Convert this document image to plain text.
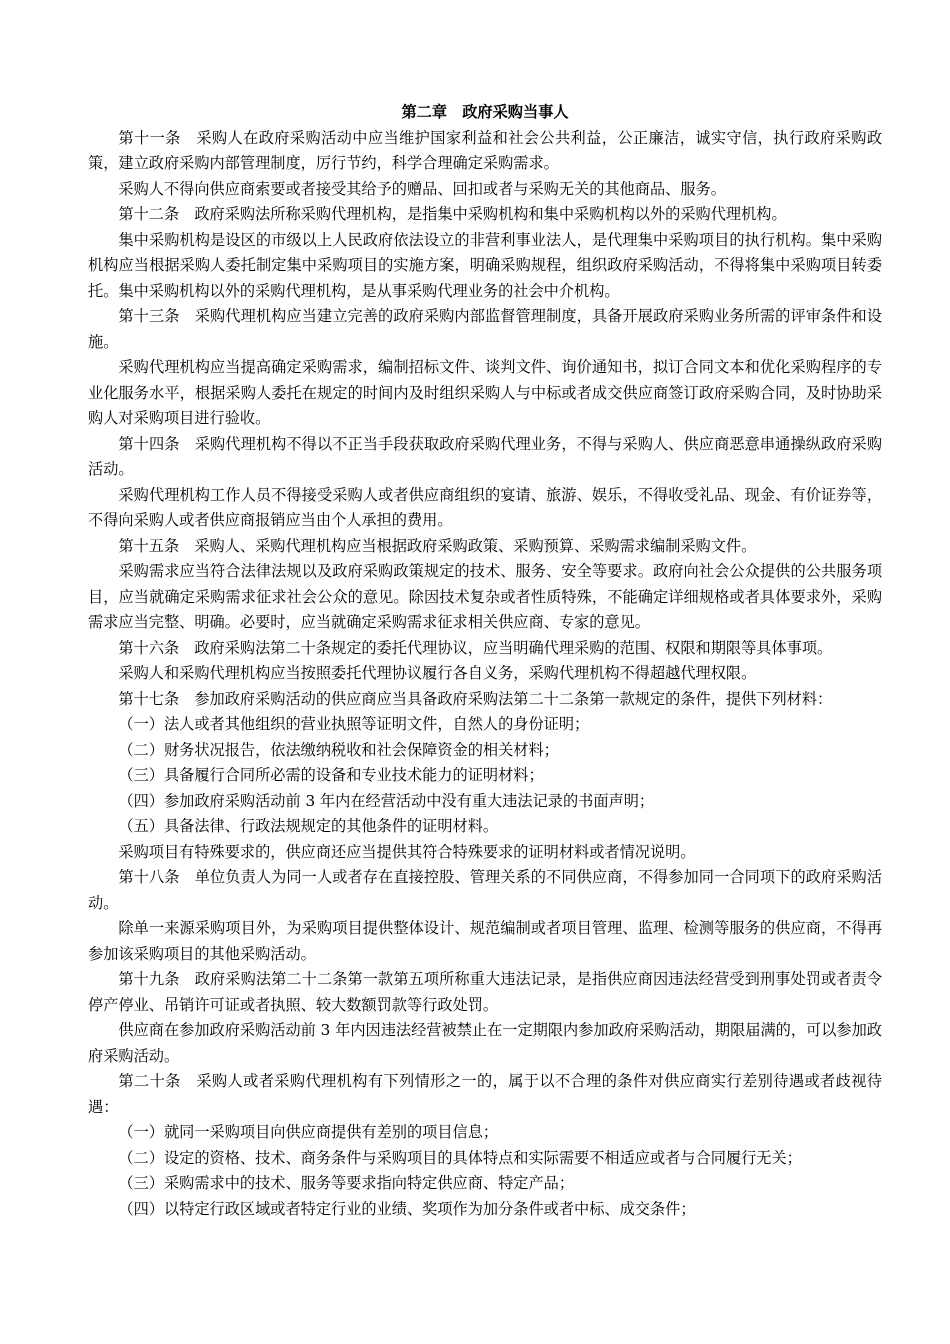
第二章　政府采购当事人

第十一条　采购人在政府采购活动中应当维护国家利益和社会公共利益，公正廉洁，诚实守信，执行政府采购政策，建立政府采购内部管理制度，厉行节约，科学合理确定采购需求。

采购人不得向供应商索要或者接受其给予的赠品、回扣或者与采购无关的其他商品、服务。

第十二条　政府采购法所称采购代理机构，是指集中采购机构和集中采购机构以外的采购代理机构。

集中采购机构是设区的市级以上人民政府依法设立的非营利事业法人，是代理集中采购项目的执行机构。集中采购机构应当根据采购人委托制定集中采购项目的实施方案，明确采购规程，组织政府采购活动，不得将集中采购项目转委托。集中采购机构以外的采购代理机构，是从事采购代理业务的社会中介机构。

第十三条　采购代理机构应当建立完善的政府采购内部监督管理制度，具备开展政府采购业务所需的评审条件和设施。

采购代理机构应当提高确定采购需求，编制招标文件、谈判文件、询价通知书，拟订合同文本和优化采购程序的专业化服务水平，根据采购人委托在规定的时间内及时组织采购人与中标或者成交供应商签订政府采购合同，及时协助采购人对采购项目进行验收。

第十四条　采购代理机构不得以不正当手段获取政府采购代理业务，不得与采购人、供应商恶意串通操纵政府采购活动。

采购代理机构工作人员不得接受采购人或者供应商组织的宴请、旅游、娱乐，不得收受礼品、现金、有价证券等，不得向采购人或者供应商报销应当由个人承担的费用。

第十五条　采购人、采购代理机构应当根据政府采购政策、采购预算、采购需求编制采购文件。

采购需求应当符合法律法规以及政府采购政策规定的技术、服务、安全等要求。政府向社会公众提供的公共服务项目，应当就确定采购需求征求社会公众的意见。除因技术复杂或者性质特殊，不能确定详细规格或者具体要求外，采购需求应当完整、明确。必要时，应当就确定采购需求征求相关供应商、专家的意见。

第十六条　政府采购法第二十条规定的委托代理协议，应当明确代理采购的范围、权限和期限等具体事项。

采购人和采购代理机构应当按照委托代理协议履行各自义务，采购代理机构不得超越代理权限。

第十七条　参加政府采购活动的供应商应当具备政府采购法第二十二条第一款规定的条件，提供下列材料：

（一）法人或者其他组织的营业执照等证明文件，自然人的身份证明；

（二）财务状况报告，依法缴纳税收和社会保障资金的相关材料；

（三）具备履行合同所必需的设备和专业技术能力的证明材料；

（四）参加政府采购活动前 3 年内在经营活动中没有重大违法记录的书面声明；

（五）具备法律、行政法规规定的其他条件的证明材料。

采购项目有特殊要求的，供应商还应当提供其符合特殊要求的证明材料或者情况说明。

第十八条　单位负责人为同一人或者存在直接控股、管理关系的不同供应商，不得参加同一合同项下的政府采购活动。

除单一来源采购项目外，为采购项目提供整体设计、规范编制或者项目管理、监理、检测等服务的供应商，不得再参加该采购项目的其他采购活动。

第十九条　政府采购法第二十二条第一款第五项所称重大违法记录，是指供应商因违法经营受到刑事处罚或者责令停产停业、吊销许可证或者执照、较大数额罚款等行政处罚。

供应商在参加政府采购活动前 3 年内因违法经营被禁止在一定期限内参加政府采购活动，期限届满的，可以参加政府采购活动。

第二十条　采购人或者采购代理机构有下列情形之一的，属于以不合理的条件对供应商实行差别待遇或者歧视待遇：

（一）就同一采购项目向供应商提供有差别的项目信息；

（二）设定的资格、技术、商务条件与采购项目的具体特点和实际需要不相适应或者与合同履行无关；

（三）采购需求中的技术、服务等要求指向特定供应商、特定产品；

（四）以特定行政区域或者特定行业的业绩、奖项作为加分条件或者中标、成交条件；
